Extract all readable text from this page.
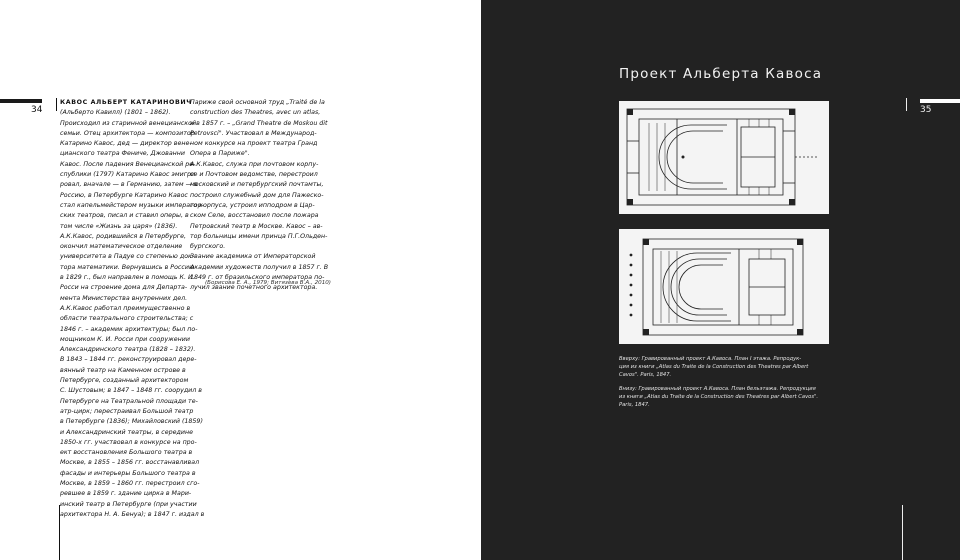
34

КАВОС АЛЬБЕРТ КАТАРИНОВИЧ

(Альберто Кавилл) (1801 – 1862).

Происходил из старинной венецианской

семьи. Отец архитектора — композитор

Катарино Кавос, дед — директор вене-

цианского театра Фениче, Джованни

Кавос. После падения Венецианской ре-

спублики (1797) Катарино Кавос эмигри-

ровал, вначале — в Германию, затем — в

Россию, в Петербурге Катарино Кавос

стал капельмейстером музыки император-

ских театров, писал и ставил оперы, в

том числе «Жизнь за царя» (1836).

А.К.Кавос, родившийся в Петербурге,

окончил математическое отделение

университета в Падуе со степенью док-

тора математики. Вернувшись в Россию

в 1829 г., был направлен в помощь К. И.

Росси на строение дома для Департа-

мента Министерства внутренних дел.

А.К.Кавос работал преимущественно в

области театрального строительства; с

1846 г. – академик архитектуры; был по-

мощником К. И. Росси при сооружении

Александринского театра (1828 – 1832).

В 1843 – 1844 гг. реконструировал дере-

вянный театр на Каменном острове в

Петербурге, созданный архитектором

С. Шустовым; в 1847 – 1848 гг. соорудил в

Петербурге на Театральной площади те-

атр-цирк; перестраивал Большой театр

в Петербурге (1836); Михайловский (1859)

и Александринский театры, в середине

1850-х гг. участвовал в конкурсе на про-

ект восстановления Большого театра в

Москве, в 1855 – 1856 гг. восстанавливал

фасады и интерьеры Большого театра в

Москве, в 1859 – 1860 гг. перестроил сго-

ревшее в 1859 г. здание цирка в Мари-

инский театр в Петербурге (при участии

архитектора Н. А. Бенуа); в 1847 г. издал в

Париже свой основной труд „Traité de la

construction des Theatres, avec un atlas,

и в 1857 г. – „Grand Theatre de Moskou dit

Petrovsci". Участвовал в Международ-

ном конкурсе на проект театра Гранд

Опера в Париже".

А.К.Кавос, служа при почтовом корпу-

се и Почтовом ведомстве, перестроил

московский и петербургский почтамты,

построил служебный дом для Пажеско-

го корпуса, устроил ипподром в Цар-

ском Селе, восстановил после пожара

Петровский театр в Москве. Кавос – ав-

тор больницы имени принца П.Г.Ольден-

бургского.

Звание академика от Императорской

Академии художеств получил в 1857 г. В

1849 г. от бразильского императора по-

лучил звание почетного архитектора.

(Борисова Е. А., 1979; Витязева В.А., 2010)
35
Проект Альберта Кавоса

Вверху: Гравированный проект А.Кавоса. План I этажа. Репродук-

ция из книги „Atlas du Traite de la Construction des Theatres par Albert

Cavos". Paris, 1847.

Внизу: Гравированный проект А.Кавоса. План бельэтажа. Репродукция

из книги „Atlas du Traite de la Construction des Theatres par Albert Cavos".

Paris, 1847.
